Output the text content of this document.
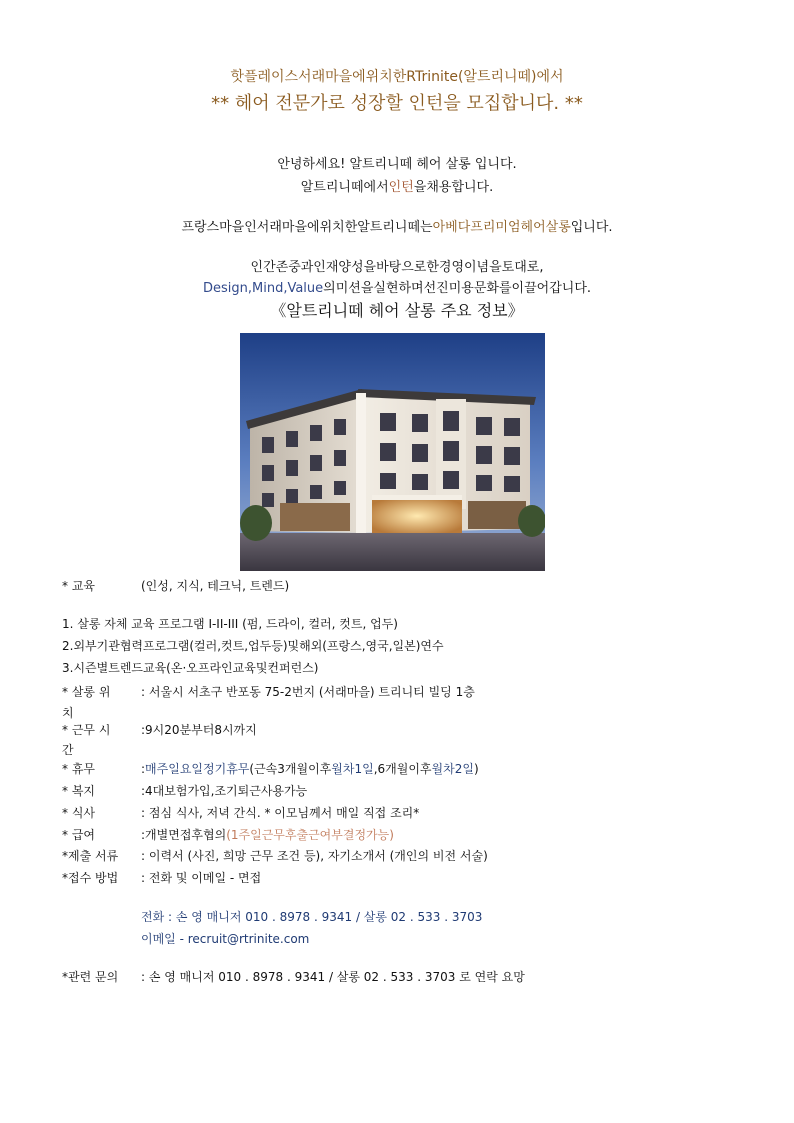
핫플레이스서래마을에위치한RTrinite(알트리니떼)에서
** 헤어 전문가로 성장할 인턴을 모집합니다. **
안녕하세요! 알트리니떼 헤어 살롱 입니다.
알트리니떼에서인턴을채용합니다.
프랑스마을인서래마을에위치한알트리니떼는아베다프리미엄헤어살롱입니다.
인간존중과인재양성을바탕으로한경영이념을토대로,
Design,Mind,Value의미션을실현하며선진미용문화를이끌어갑니다.
《알트리니떼 헤어 살롱 주요 정보》
* 교육	(인성, 지식, 테크닉, 트렌드)
1. 살롱 자체 교육 프로그램 I-II-III (펌, 드라이, 컬러, 컷트, 업두)
2.외부기관협력프로그램(컬러,컷트,업두등)및해외(프랑스,영국,일본)연수
3.시즌별트렌드교육(온·오프라인교육및컨퍼런스)
* 살롱 위	: 서울시 서초구 반포동 75-2번지 (서래마을) 트리니티 빌딩 1층
치
* 근무 시	:9시20분부터8시까지
간
* 휴무	:매주일요일정기휴무(근속3개월이후월차1일,6개월이후월차2일)
* 복지	:4대보험가입,조기퇴근사용가능
* 식사	: 점심 식사, 저녁 간식. * 이모님께서 매일 직접 조리*
* 급여	:개별면접후협의(1주일근무후출근여부결정가능)
*제출 서류 : 이력서 (사진, 희망 근무 조건 등), 자기소개서 (개인의 비전 서술)
*접수 방법 : 전화 및 이메일 - 면접
전화 : 손 영 매니저 010 . 8978 . 9341 / 살롱 02 . 533 . 3703
이메일 - recruit@rtrinite.com
*관련 문의 : 손 영 매니저 010 . 8978 . 9341 / 살롱 02 . 533 . 3703 로 연락 요망
